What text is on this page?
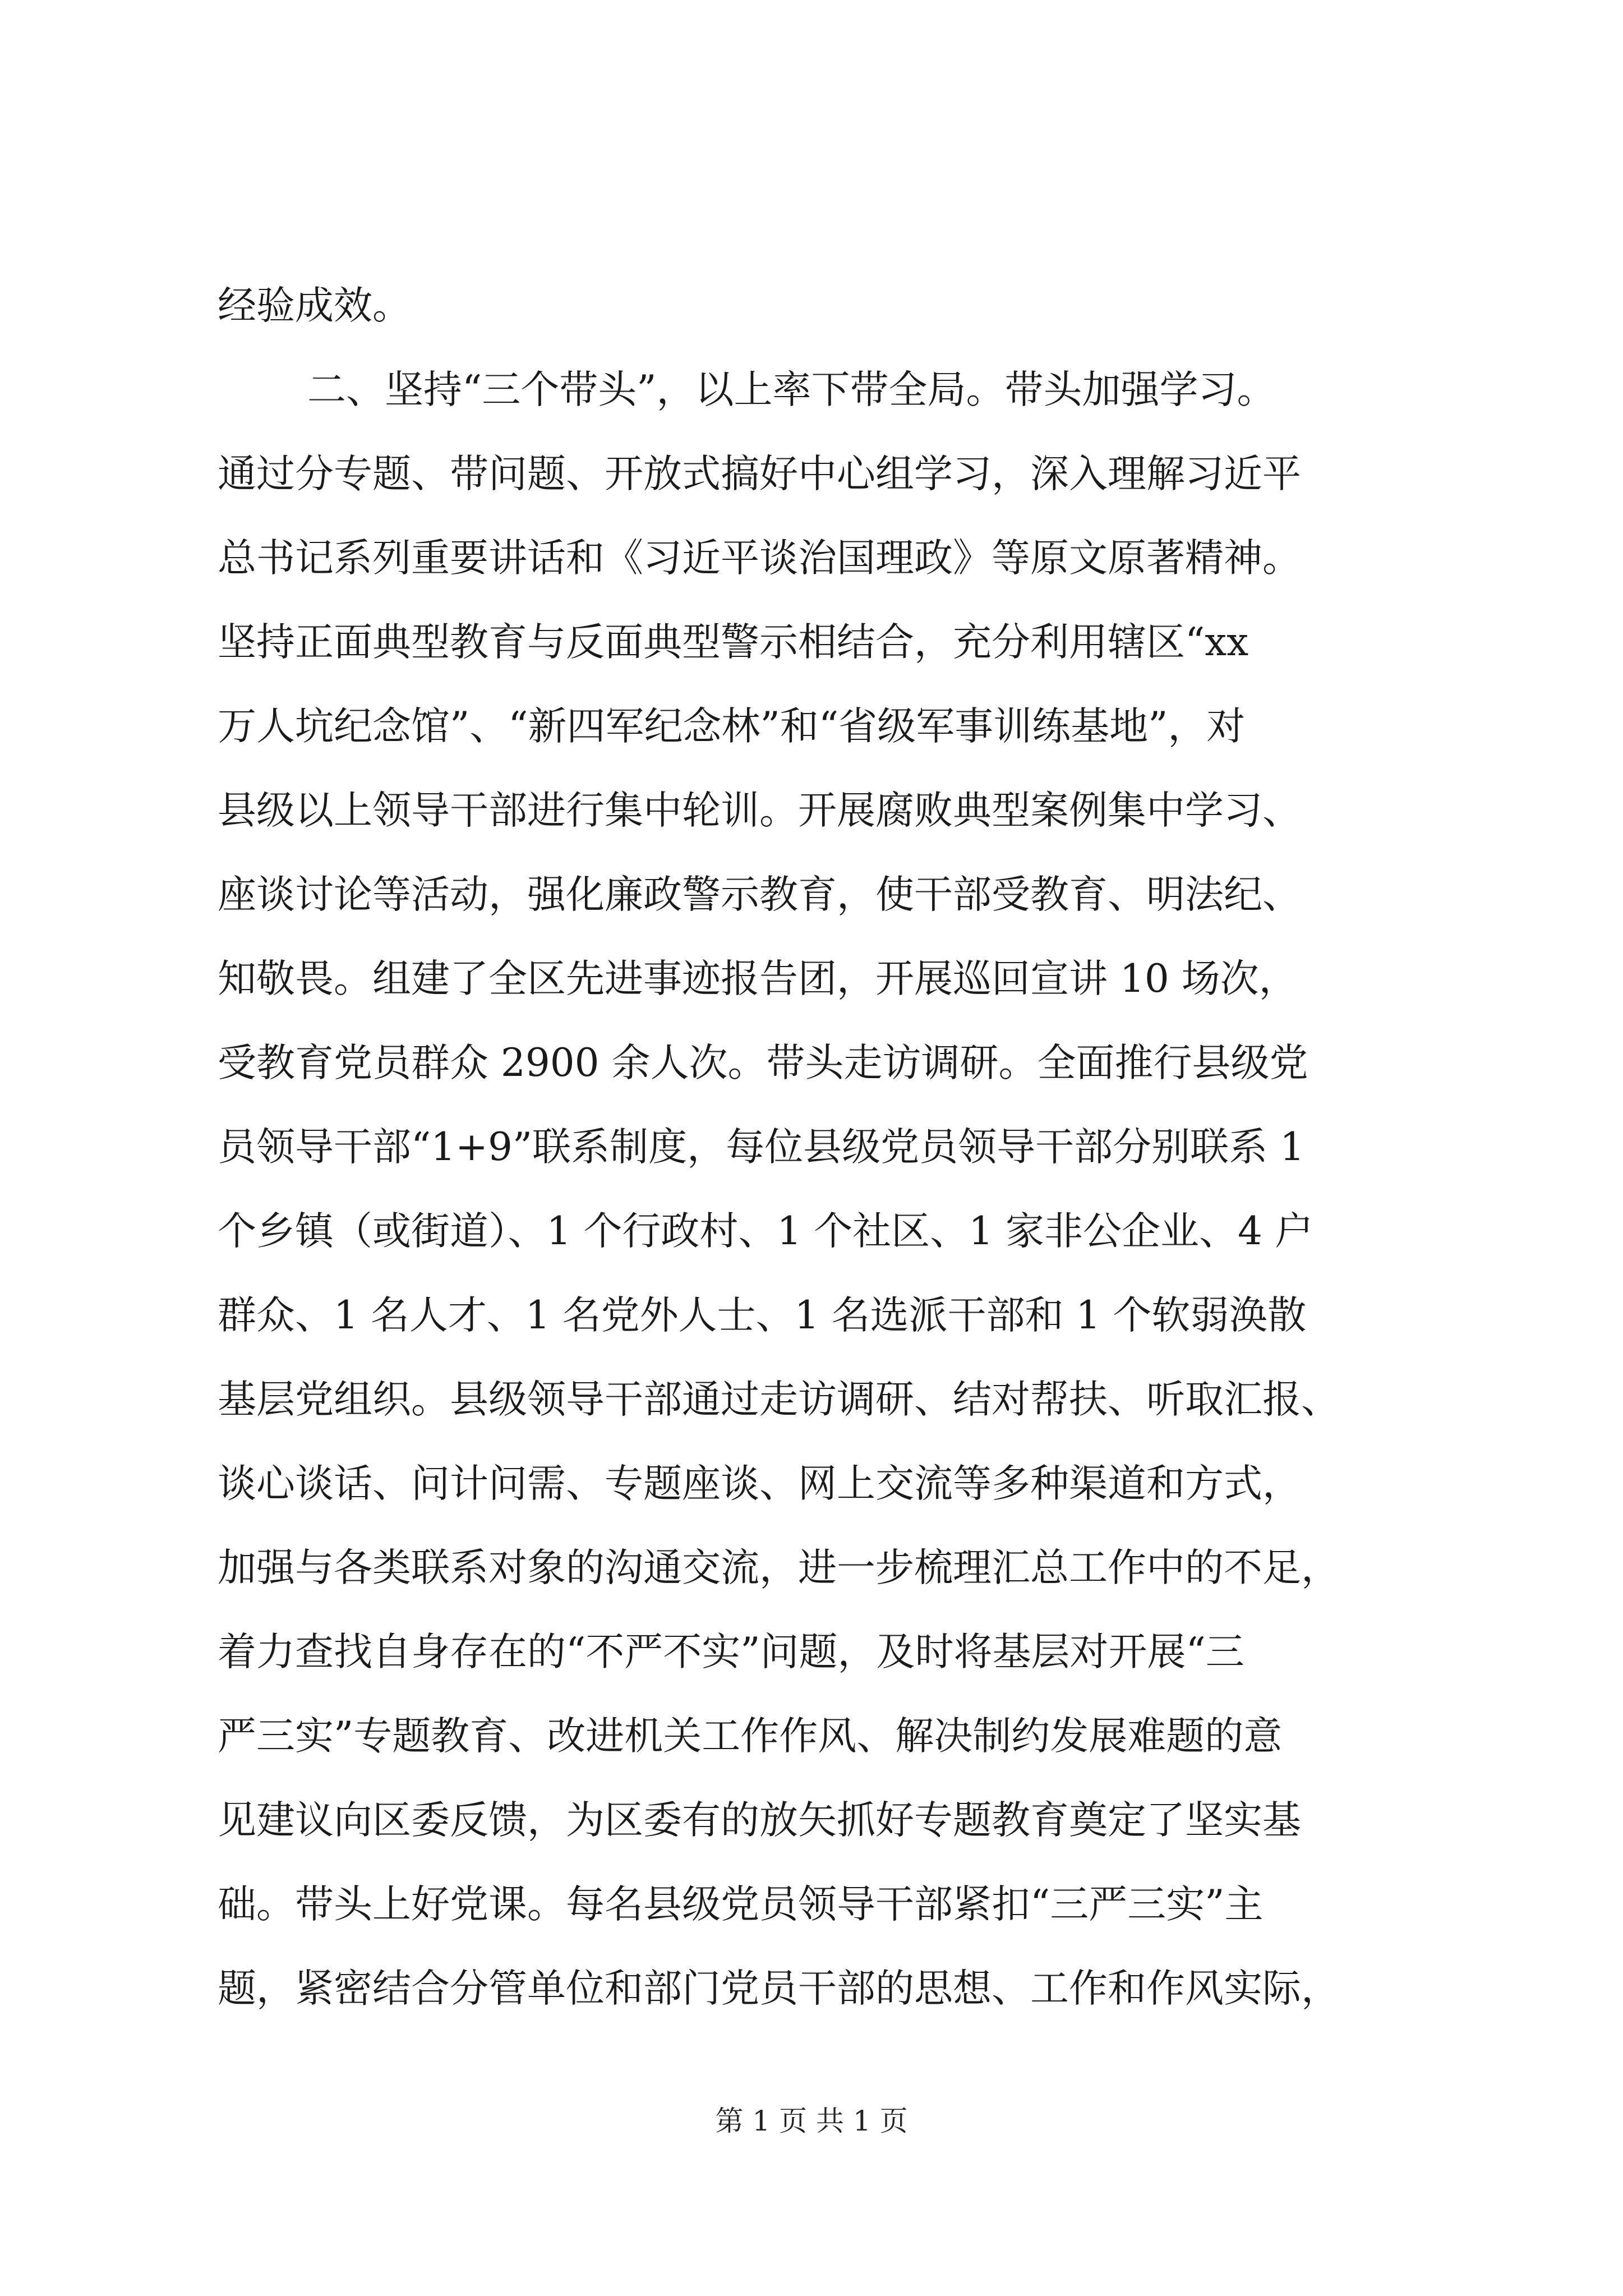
经验成效。
二、坚持“三个带头”，以上率下带全局。带头加强学习。
通过分专题、带问题、开放式搞好中心组学习，深入理解习近平
总书记系列重要讲话和《习近平谈治国理政》等原文原著精神。
坚持正面典型教育与反面典型警示相结合，充分利用辖区“xx
万人坑纪念馆”、“新四军纪念林”和“省级军事训练基地”，对
县级以上领导干部进行集中轮训。开展腐败典型案例集中学习、
座谈讨论等活动，强化廉政警示教育，使干部受教育、明法纪、
知敬畏。组建了全区先进事迹报告团，开展巡回宣讲 10 场次，
受教育党员群众 2900 余人次。带头走访调研。全面推行县级党
员领导干部“1+9”联系制度，每位县级党员领导干部分别联系 1
个乡镇（或街道）、1 个行政村、1 个社区、1 家非公企业、4 户
群众、1 名人才、1 名党外人士、1 名选派干部和 1 个软弱涣散
基层党组织。县级领导干部通过走访调研、结对帮扶、听取汇报、
谈心谈话、问计问需、专题座谈、网上交流等多种渠道和方式，
加强与各类联系对象的沟通交流，进一步梳理汇总工作中的不足，
着力查找自身存在的“不严不实”问题，及时将基层对开展“三
严三实”专题教育、改进机关工作作风、解决制约发展难题的意
见建议向区委反馈，为区委有的放矢抓好专题教育奠定了坚实基
础。带头上好党课。每名县级党员领导干部紧扣“三严三实”主
题，紧密结合分管单位和部门党员干部的思想、工作和作风实际，
第 1 页 共 1 页
